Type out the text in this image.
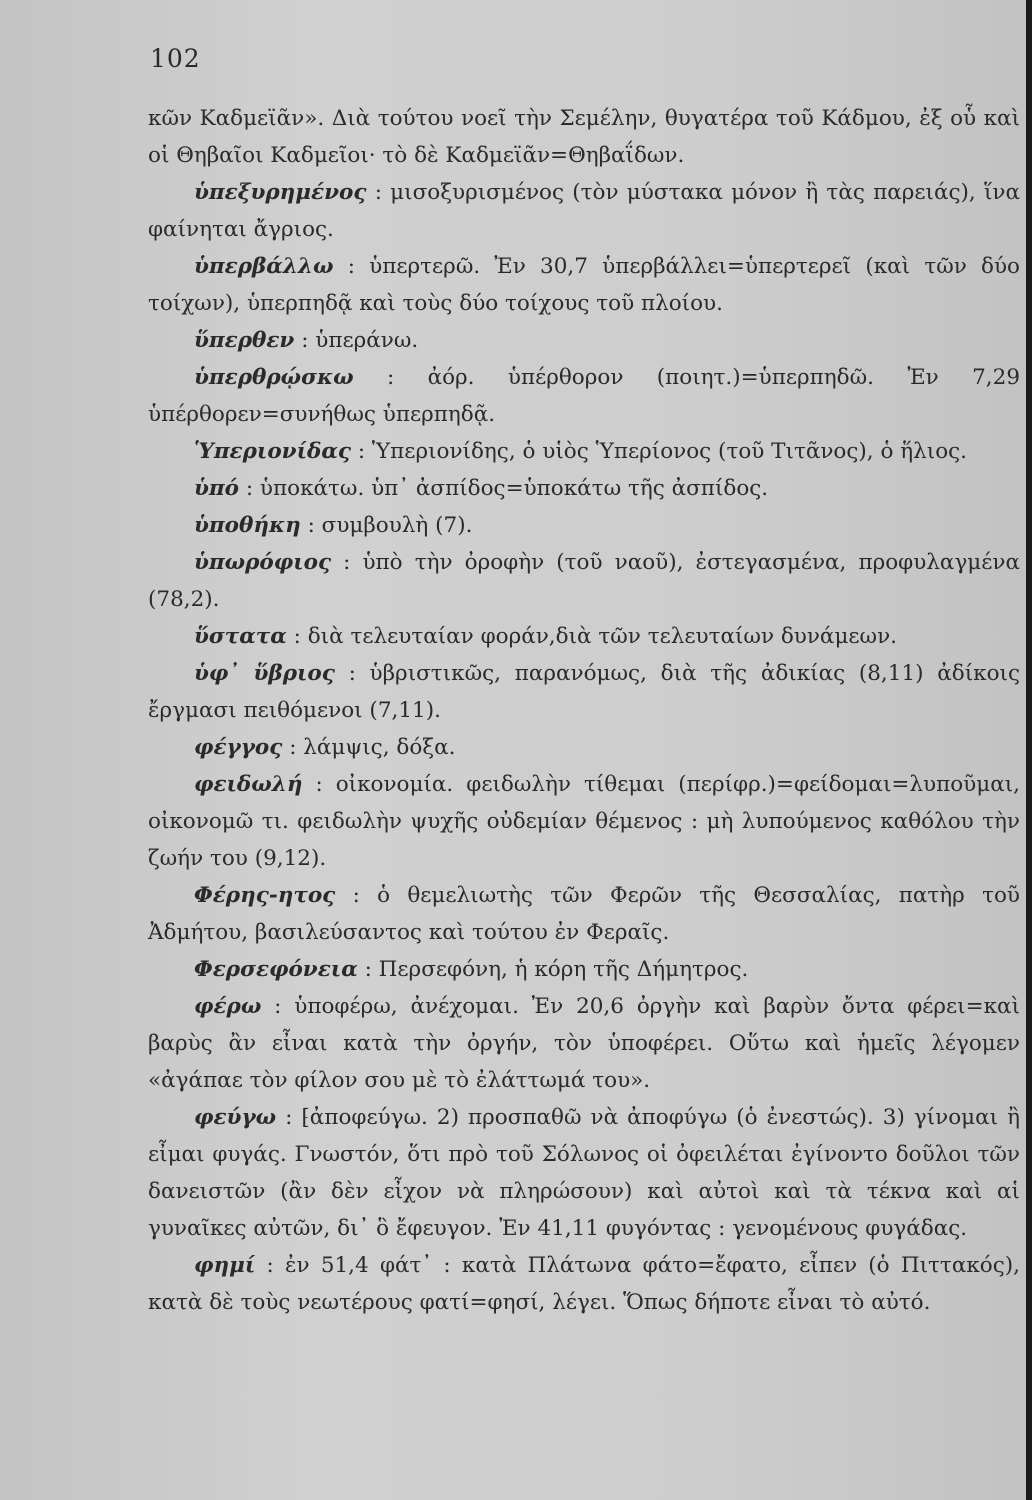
102

κῶν Καδμεϊᾶν». Διὰ τούτου νοεῖ τὴν Σεμέλην, θυγατέρα τοῦ Κάδμου, ἐξ οὗ καὶ οἱ Θηβαῖοι Καδμεῖοι· τὸ δὲ Καδμεϊᾶν=Θηβαΐδων.

ὑπεξυρημένος : μισοξυρισμένος (τὸν μύστακα μόνον ἢ τὰς παρειάς), ἵνα φαίνηται ἄγριος.

ὑπερβάλλω : ὑπερτερῶ. Ἐν 30,7 ὑπερβάλλει=ὑπερτερεῖ (καὶ τῶν δύο τοίχων), ὑπερπηδᾷ καὶ τοὺς δύο τοίχους τοῦ πλοίου.

ὕπερθεν : ὑπεράνω.

ὑπερθρῴσκω : ἀόρ. ὑπέρθορον (ποιητ.)=ὑπερπηδῶ. Ἐν 7,29 ὑπέρθορεν=συνήθως ὑπερπηδᾷ.

Ὑπεριονίδας : Ὑπεριονίδης, ὁ υἱὸς Ὑπερίονος (τοῦ Τιτᾶνος), ὁ ἥλιος.

ὑπό : ὑποκάτω. ὑπ᾽ ἀσπίδος=ὑποκάτω τῆς ἀσπίδος.

ὑποθήκη : συμβουλὴ (7).

ὑπωρόφιος : ὑπὸ τὴν ὀροφὴν (τοῦ ναοῦ), ἐστεγασμένα, προφυλαγμένα (78,2).

ὕστατα : διὰ τελευταίαν φοράν,διὰ τῶν τελευταίων δυνάμεων.

ὑφ᾽ ὕβριος : ὑβριστικῶς, παρανόμως, διὰ τῆς ἀδικίας (8,11) ἀδίκοις ἔργμασι πειθόμενοι (7,11).

φέγγος : λάμψις, δόξα.

φειδωλή : οἰκονομία. φειδωλὴν τίθεμαι (περίφρ.)=φείδομαι=λυποῦμαι, οἰκονομῶ τι. φειδωλὴν ψυχῆς οὐδεμίαν θέμενος : μὴ λυπούμενος καθόλου τὴν ζωήν του (9,12).

Φέρης-ητος : ὁ θεμελιωτὴς τῶν Φερῶν τῆς Θεσσαλίας, πατὴρ τοῦ Ἀδμήτου, βασιλεύσαντος καὶ τούτου ἐν Φεραῖς.

Φερσεφόνεια : Περσεφόνη, ἡ κόρη τῆς Δήμητρος.

φέρω : ὑποφέρω, ἀνέχομαι. Ἐν 20,6 ὀργὴν καὶ βαρὺν ὄντα φέρει=καὶ βαρὺς ἂν εἶναι κατὰ τὴν ὀργήν, τὸν ὑποφέρει. Οὕτω καὶ ἡμεῖς λέγομεν «ἀγάπαε τὸν φίλον σου μὲ τὸ ἐλάττωμά του».

φεύγω : ⁅ἀποφεύγω. 2) προσπαθῶ νὰ ἀποφύγω (ὁ ἐνεστώς). 3) γίνομαι ἢ εἶμαι φυγάς. Γνωστόν, ὅτι πρὸ τοῦ Σόλωνος οἱ ὀφειλέται ἐγίνοντο δοῦλοι τῶν δανειστῶν (ἂν δὲν εἶχον νὰ πληρώσουν) καὶ αὐτοὶ καὶ τὰ τέκνα καὶ αἱ γυναῖκες αὐτῶν, δι᾽ ὃ ἔφευγον. Ἐν 41,11 φυγόντας : γενομένους φυγάδας.

φημί : ἐν 51,4 φάτ᾽ : κατὰ Πλάτωνα φάτο=ἔφατο, εἶπεν (ὁ Πιττακός), κατὰ δὲ τοὺς νεωτέρους φατί=φησί, λέγει. Ὅπως δήποτε εἶναι τὸ αὐτό.
